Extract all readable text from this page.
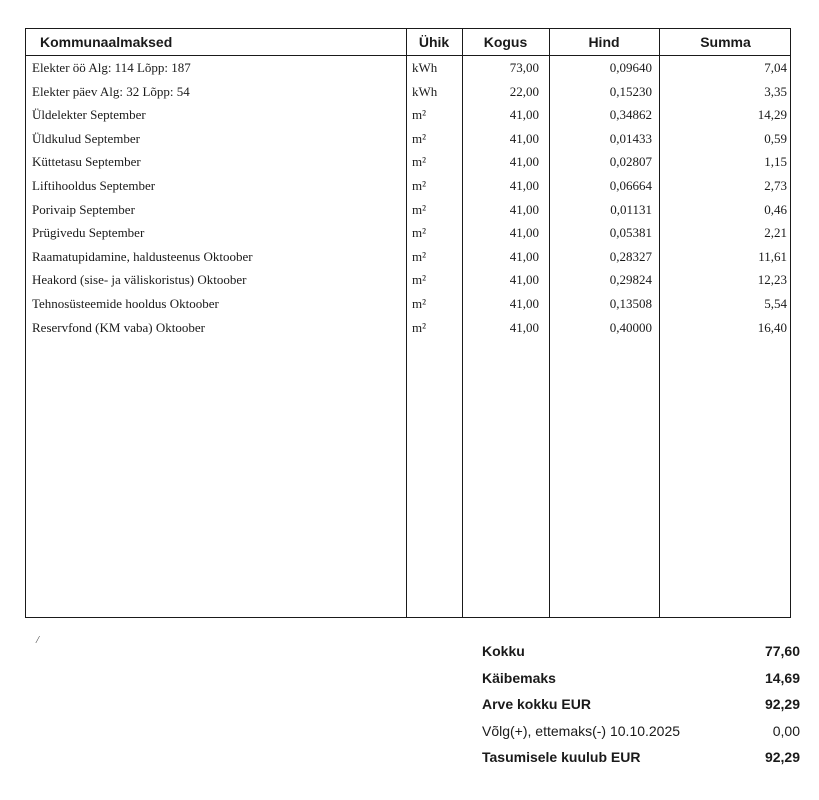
Kommunaalmaksed	Ühik	Kogus	Hind	Summa
Elekter öö Alg: 114 Lõpp: 187	kWh	73,00	0,09640	7,04
Elekter päev Alg: 32 Lõpp: 54	kWh	22,00	0,15230	3,35
Üldelekter September	m²	41,00	0,34862	14,29
Üldkulud September	m²	41,00	0,01433	0,59
Küttetasu September	m²	41,00	0,02807	1,15
Liftihooldus September	m²	41,00	0,06664	2,73
Porivaip September	m²	41,00	0,01131	0,46
Prügivedu September	m²	41,00	0,05381	2,21
Raamatupidamine, haldusteenus Oktoober	m²	41,00	0,28327	11,61
Heakord (sise- ja väliskoristus) Oktoober	m²	41,00	0,29824	12,23
Tehnosüsteemide hooldus Oktoober	m²	41,00	0,13508	5,54
Reservfond (KM vaba) Oktoober	m²	41,00	0,40000	16,40
/
Kokku	77,60
Käibemaks	14,69
Arve kokku EUR	92,29
Võlg(+), ettemaks(-) 10.10.2025	0,00
Tasumisele kuulub EUR	92,29
